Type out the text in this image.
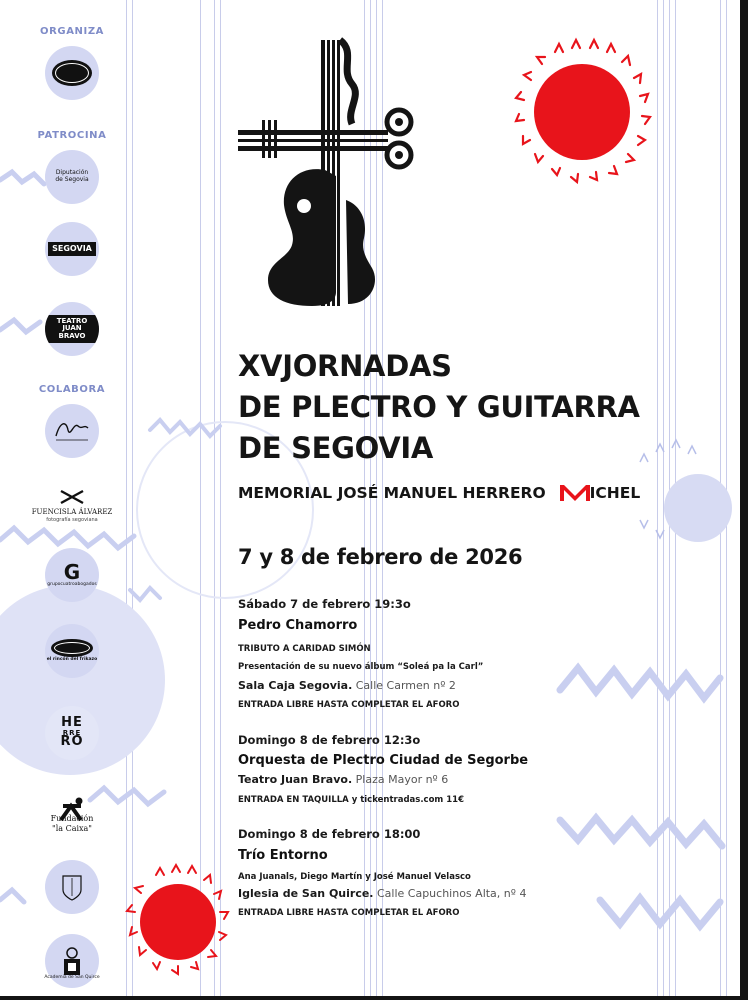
ORGANIZA
PATROCINA
Diputación de Segovia
SEGOVIA
TEATRO
JUAN BRAVO
COLABORA
FUENCISLA ÁLVAREZ
fotografía segoviana
G
grupocuatroabogados
el rincón del frikazo
HE
RRE
RO
Fundación
"la Caixa"
Academia de San Quirce
XVJORNADAS
DE PLECTRO Y GUITARRA
DE SEGOVIA
MEMORIAL JOSÉ MANUEL HERRERO	ICHEL
7 y 8 de febrero de 2026
Sábado 7 de febrero 19:3o
Pedro Chamorro
TRIBUTO A CARIDAD SIMÓN
Presentación de su nuevo álbum “Soleá pa la Carl”
Sala Caja Segovia. Calle Carmen nº 2
ENTRADA LIBRE HASTA COMPLETAR EL AFORO
Domingo 8 de febrero 12:3o
Orquesta de Plectro Ciudad de Segorbe
Teatro Juan Bravo. Plaza Mayor nº 6
ENTRADA EN TAQUILLA y tickentradas.com 11€
Domingo 8 de febrero 18:00
Trío Entorno
Ana Juanals, Diego Martín y José Manuel Velasco
Iglesia de San Quirce. Calle Capuchinos Alta, nº 4
ENTRADA LIBRE HASTA COMPLETAR EL AFORO
